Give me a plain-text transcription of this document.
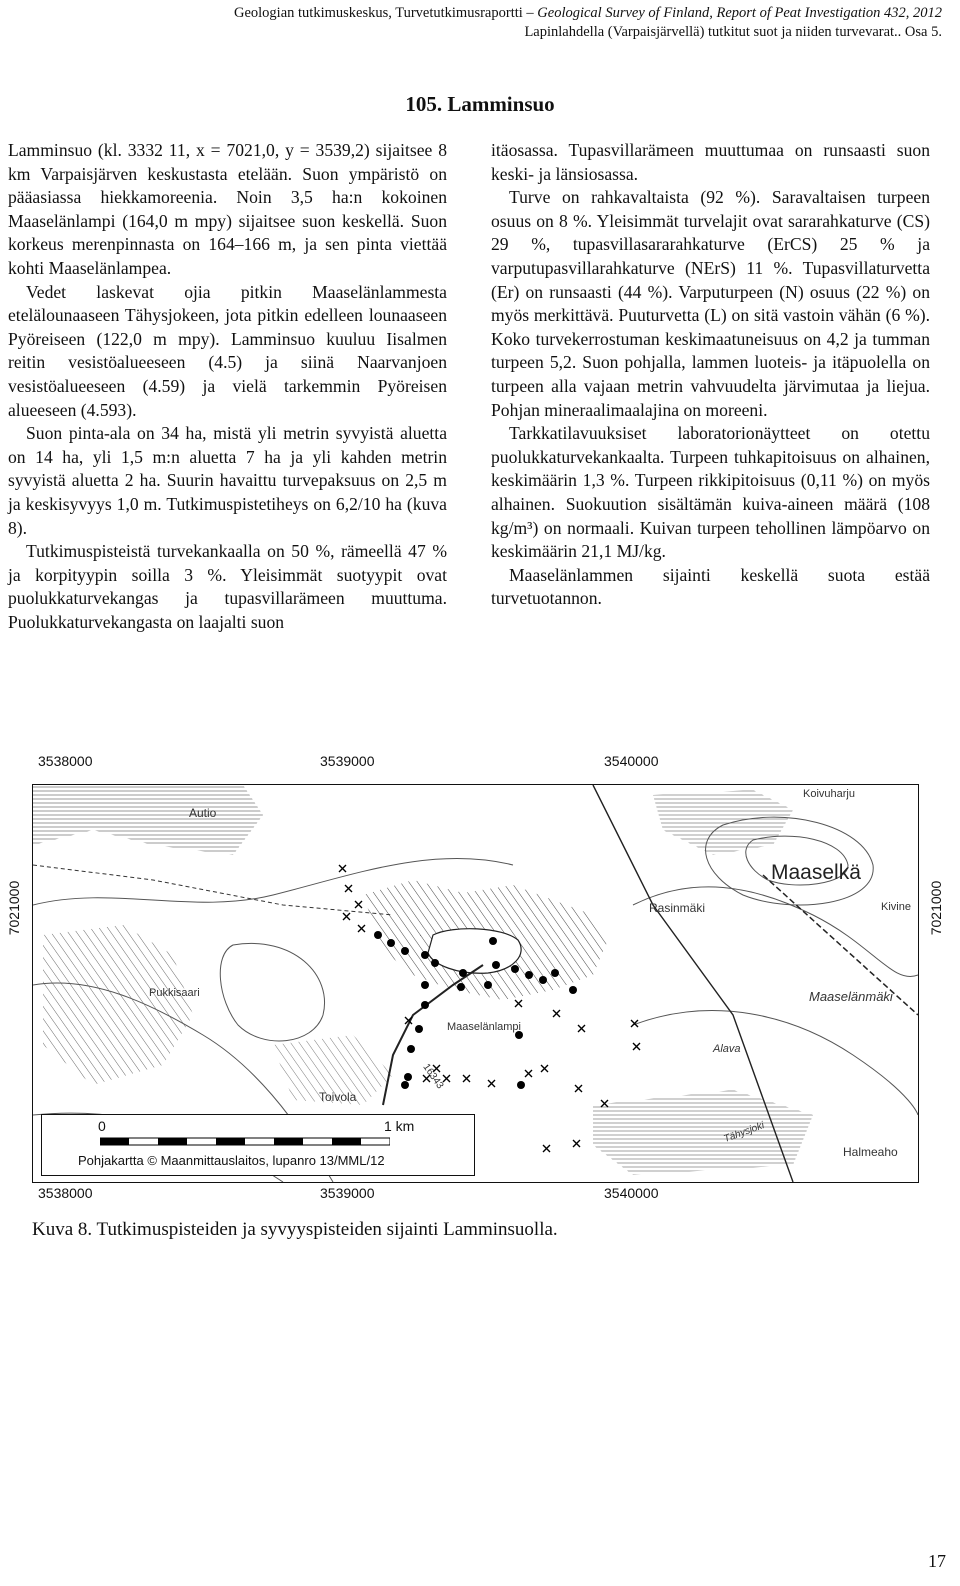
Geologian tutkimuskeskus, Turvetutkimusraportti – Geological Survey of Finland, Report of Peat Investigation 432, 2012
Lapinlahdella (Varpaisjärvellä) tutkitut suot ja niiden turvevarat.. Osa 5.
105. Lamminsuo

Lamminsuo (kl. 3332 11, x = 7021,0, y = 3539,2) sijaitsee 8 km Varpaisjärven keskustasta etelään. Suon ympäristö on pääasiassa hiekkamoreenia. Noin 3,5 ha:n kokoinen Maaselänlampi (164,0 m mpy) sijaitsee suon keskellä. Suon korkeus merenpinnasta on 164–166 m, ja sen pinta viettää kohti Maaselänlampea.

Vedet laskevat ojia pitkin Maaselänlammesta etelälounaaseen Tähysjokeen, jota pitkin edelleen lounaaseen Pyöreiseen (122,0 m mpy). Lamminsuo kuuluu Iisalmen reitin vesistöalueeseen (4.5) ja siinä Naarvanjoen vesistöalueeseen (4.59) ja vielä tarkemmin Pyöreisen alueeseen (4.593).

Suon pinta-ala on 34 ha, mistä yli metrin syvyistä aluetta on 14 ha, yli 1,5 m:n aluetta 7 ha ja yli kahden metrin syvyistä aluetta 2 ha. Suurin havaittu turvepaksuus on 2,5 m ja keskisyvyys 1,0 m. Tutkimuspistetiheys on 6,2/10 ha (kuva 8).

Tutkimuspisteistä turvekankaalla on 50 %, rämeellä 47 % ja korpityypin soilla 3 %. Yleisimmät suotyypit ovat puolukkaturvekangas ja tupasvillarämeen muuttuma. Puolukkaturvekangasta on laajalti suon

itäosassa. Tupasvillarämeen muuttumaa on runsaasti suon keski- ja länsiosassa.

Turve on rahkavaltaista (92 %). Saravaltaisen turpeen osuus on 8 %. Yleisimmät turvelajit ovat sararahkaturve (CS) 29 %, tupasvillasararahkaturve (ErCS) 25 % ja varputupasvillarahkaturve (NErS) 11 %. Tupasvillaturvetta (Er) on runsaasti (44 %). Varputurpeen (N) osuus (22 %) on myös merkittävä. Puuturvetta (L) on sitä vastoin vähän (6 %). Koko turvekerrostuman keskimaatuneisuus on 4,2 ja tumman turpeen 5,2. Suon pohjalla, lammen luoteis- ja itäpuolella on turpeen alla vajaan metrin vahvuudelta järvimutaa ja liejua. Pohjan mineraalimaalajina on moreeni.

Tarkkatilavuuksiset laboratorionäytteet on otettu puolukkaturvekankaalta. Turpeen tuhkapitoisuus on alhainen, keskimäärin 1,3 %. Turpeen rikkipitoisuus (0,11 %) on myös alhainen. Suokuution sisältämän kuiva-aineen määrä (108 kg/m³) on normaali. Kuivan turpeen tehollinen lämpöarvo on keskimäärin 21,1 MJ/kg.

Maaselänlammen sijainti keskellä suota estää turvetuotannon.

3538000	3539000	3540000
7021000	7021000
Autio
Koivuharju
Maaselkä
Rasinmäki	Kivine
Pukkisaari	Maaselänmäki
Maaselänlampi
Toivola
Alava
Halmeaho
16343
Tähysjoki
0	1 km
Pohjakartta © Maanmittauslaitos, lupanro 13/MML/12
3538000	3539000	3540000
Kuva 8. Tutkimuspisteiden ja syvyyspisteiden sijainti Lamminsuolla.
17
